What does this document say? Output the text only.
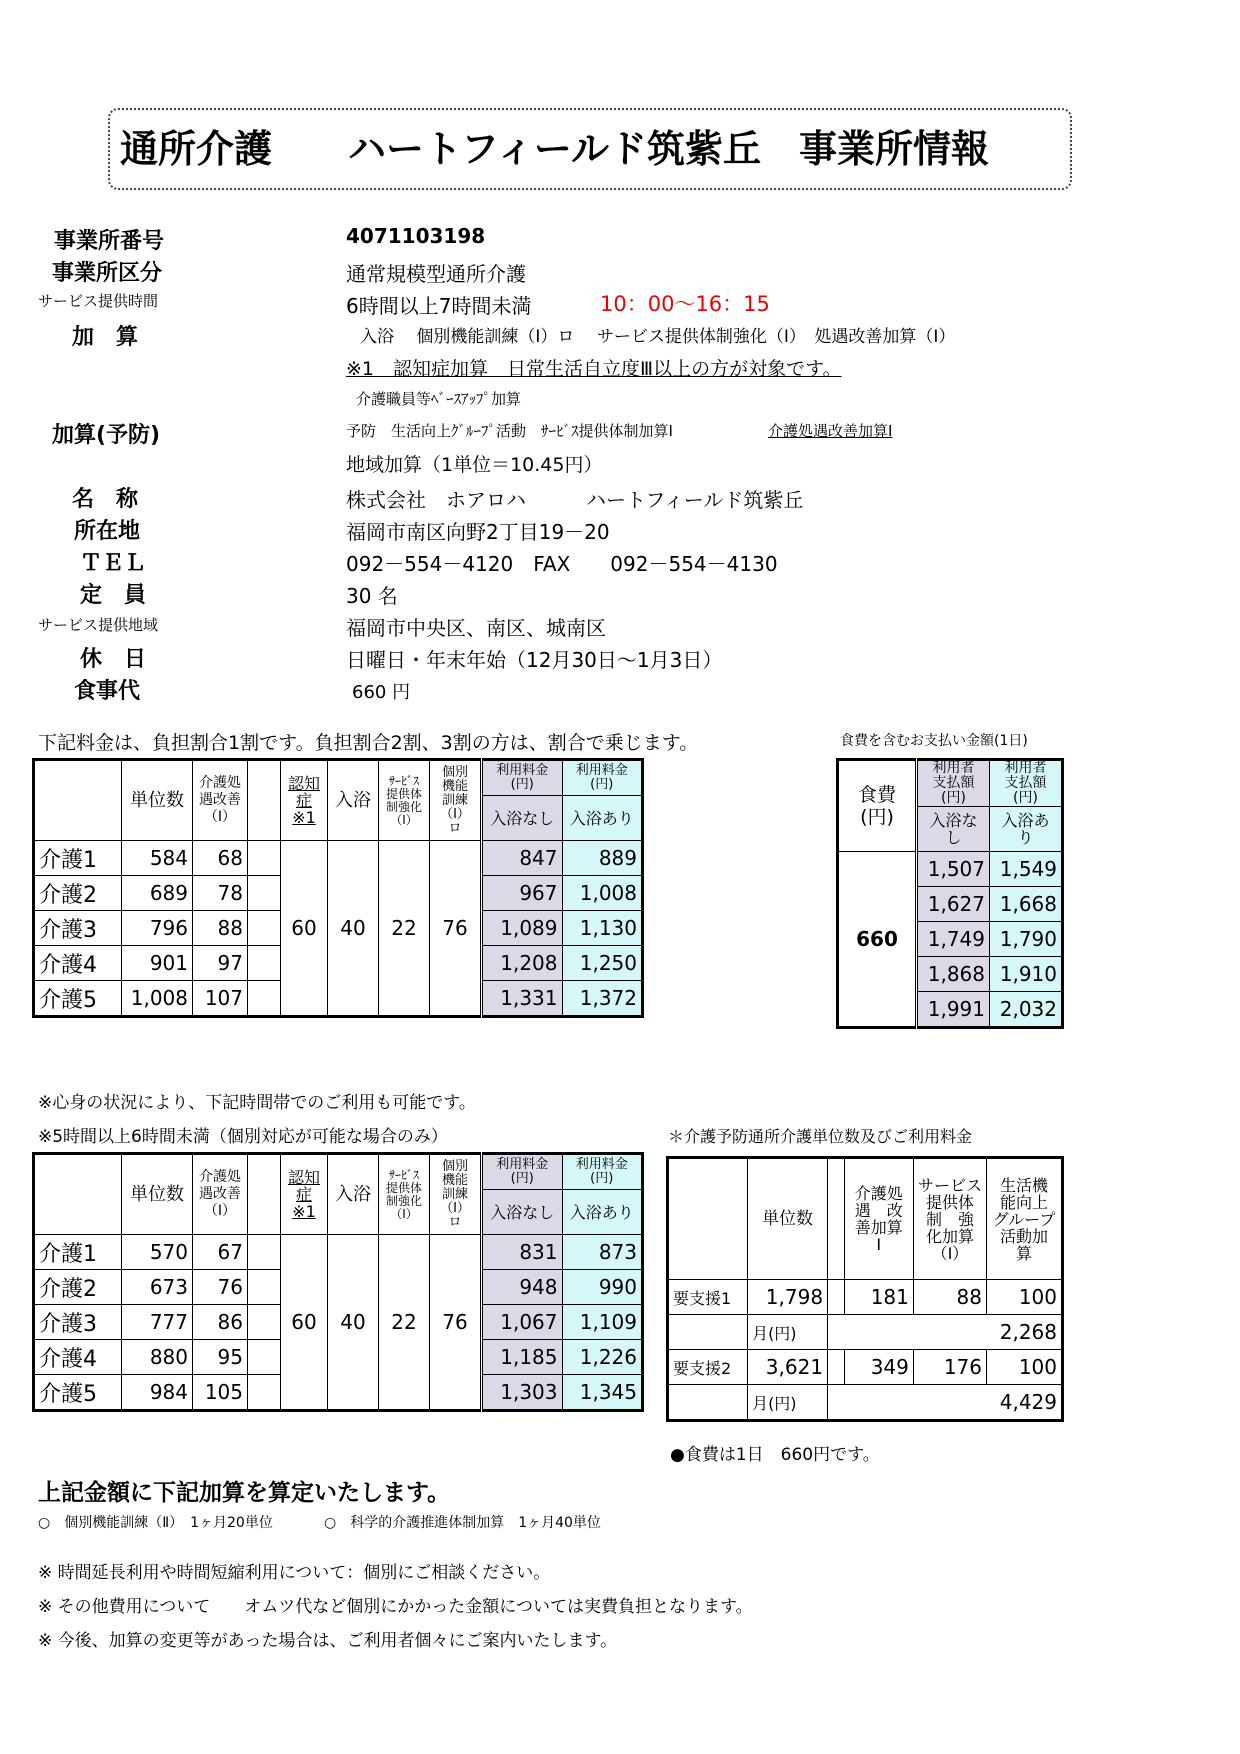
通所介護　　ハートフィールド筑紫丘　事業所情報
事業所番号	4071103198
事業所区分	通常規模型通所介護
サービス提供時間	6時間以上7時間未満	10：00～16：15
加　算	入浴　 個別機能訓練（Ⅰ）ロ　 サービス提供体制強化（Ⅰ）　処遇改善加算（Ⅰ）
※1　認知症加算　日常生活自立度Ⅲ以上の方が対象です。
介護職員等ﾍﾞｰｽｱｯﾌﾟ加算
加算(予防)	予防　生活向上ｸﾞﾙｰﾌﾟ活動　ｻｰﾋﾞｽ提供体制加算Ⅰ	介護処遇改善加算Ⅰ
地域加算（1単位＝10.45円）
名　称	株式会社　ホアロハ　　　ハートフィールド筑紫丘
所在地	福岡市南区向野2丁目19－20
ＴＥＬ	092－554－4120　FAX　　092－554－4130
定　員	30 名
サービス提供地域	福岡市中央区、南区、城南区
休　日	日曜日・年末年始（12月30日～1月3日）
食事代	660 円
下記料金は、負担割合1割です。負担割合2割、3割の方は、割合で乗じます。	食費を含むお支払い金額(1日)
	単位数	介護処
遇改善
（Ⅰ）		認知
症
※1	入浴	ｻｰﾋﾞｽ
提供体
制強化
（Ⅰ）	個別
機能
訓練
（Ⅰ）
ロ	利用料金
(円)	利用料金
(円)
								入浴なし	入浴あり
介護1	584	68		60	40	22	76	847	889
介護2	689	78						967	1,008
介護3	796	88						1,089	1,130
介護4	901	97						1,208	1,250
介護5	1,008	107						1,331	1,372
食費
(円)	利用者
支払額
(円)	利用者
支払額
(円)
	入浴なし	入浴あり
660	1,507	1,549
	1,627	1,668
	1,749	1,790
	1,868	1,910
	1,991	2,032
※心身の状況により、下記時間帯でのご利用も可能です。
※5時間以上6時間未満（個別対応が可能な場合のみ）	＊介護予防通所介護単位数及びご利用料金
	単位数	介護処
遇改善
（Ⅰ）		認知
症
※1	入浴	ｻｰﾋﾞｽ
提供体
制強化
（Ⅰ）	個別
機能
訓練
（Ⅰ）
ロ	利用料金
(円)	利用料金
(円)
								入浴なし	入浴あり
介護1	570	67		60	40	22	76	831	873
介護2	673	76						948	990
介護3	777	86						1,067	1,109
介護4	880	95						1,185	1,226
介護5	984	105						1,303	1,345
	単位数		介護処
遇　改
善加算
Ⅰ	サービス
提供体
制　強
化加算
（Ⅰ）	生活機
能向上
グループ
活動加
算
要支援1	1,798		181	88	100
	月(円)	2,268			
要支援2	3,621		349	176	100
	月(円)	4,429			
●食費は1日　660円です。
上記金額に下記加算を算定いたします。
○　個別機能訓練（Ⅱ）　1ヶ月20単位	○　科学的介護推進体制加算　1ヶ月40単位
※ 時間延長利用や時間短縮利用について：個別にご相談ください。
※ その他費用について　　オムツ代など個別にかかった金額については実費負担となります。
※ 今後、加算の変更等があった場合は、ご利用者個々にご案内いたします。
